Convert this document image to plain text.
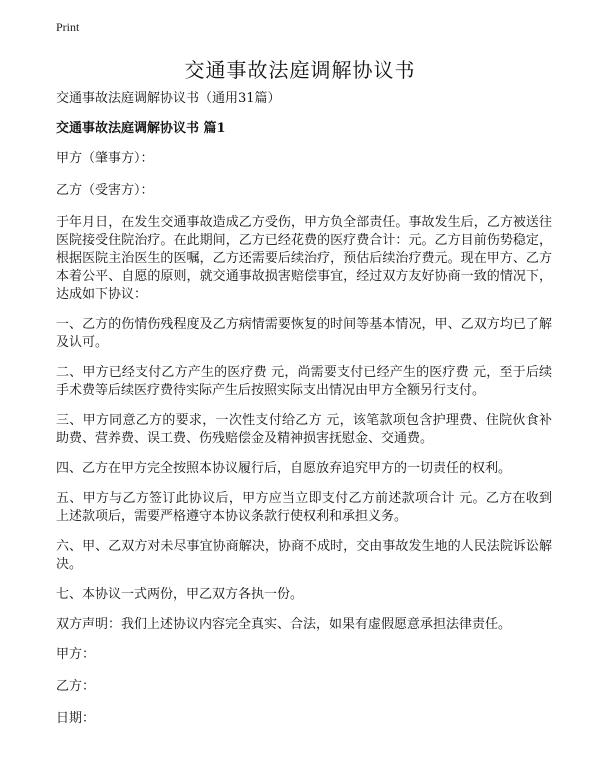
Print
交通事故法庭调解协议书

交通事故法庭调解协议书（通用31篇）

交通事故法庭调解协议书 篇1

甲方（肇事方）：

乙方（受害方）：

于年月日，在发生交通事故造成乙方受伤，甲方负全部责任。事故发生后，乙方被送往医院接受住院治疗。在此期间，乙方已经花费的医疗费合计：元。乙方目前伤势稳定，根据医院主治医生的医嘱，乙方还需要后续治疗，预估后续治疗费元。现在甲方、乙方本着公平、自愿的原则，就交通事故损害赔偿事宜，经过双方友好协商一致的情况下，达成如下协议：

一、乙方的伤情伤残程度及乙方病情需要恢复的时间等基本情况，甲、乙双方均已了解及认可。

二、甲方已经支付乙方产生的医疗费 元，尚需要支付已经产生的医疗费 元，至于后续手术费等后续医疗费待实际产生后按照实际支出情况由甲方全额另行支付。

三、甲方同意乙方的要求，一次性支付给乙方 元，该笔款项包含护理费、住院伙食补助费、营养费、误工费、伤残赔偿金及精神损害抚慰金、交通费。

四、乙方在甲方完全按照本协议履行后，自愿放弃追究甲方的一切责任的权利。

五、甲方与乙方签订此协议后，甲方应当立即支付乙方前述款项合计 元。乙方在收到上述款项后，需要严格遵守本协议条款行使权利和承担义务。

六、甲、乙双方对未尽事宜协商解决，协商不成时，交由事故发生地的人民法院诉讼解决。

七、本协议一式两份，甲乙双方各执一份。

双方声明：我们上述协议内容完全真实、合法，如果有虚假愿意承担法律责任。

甲方：

乙方：

日期：
